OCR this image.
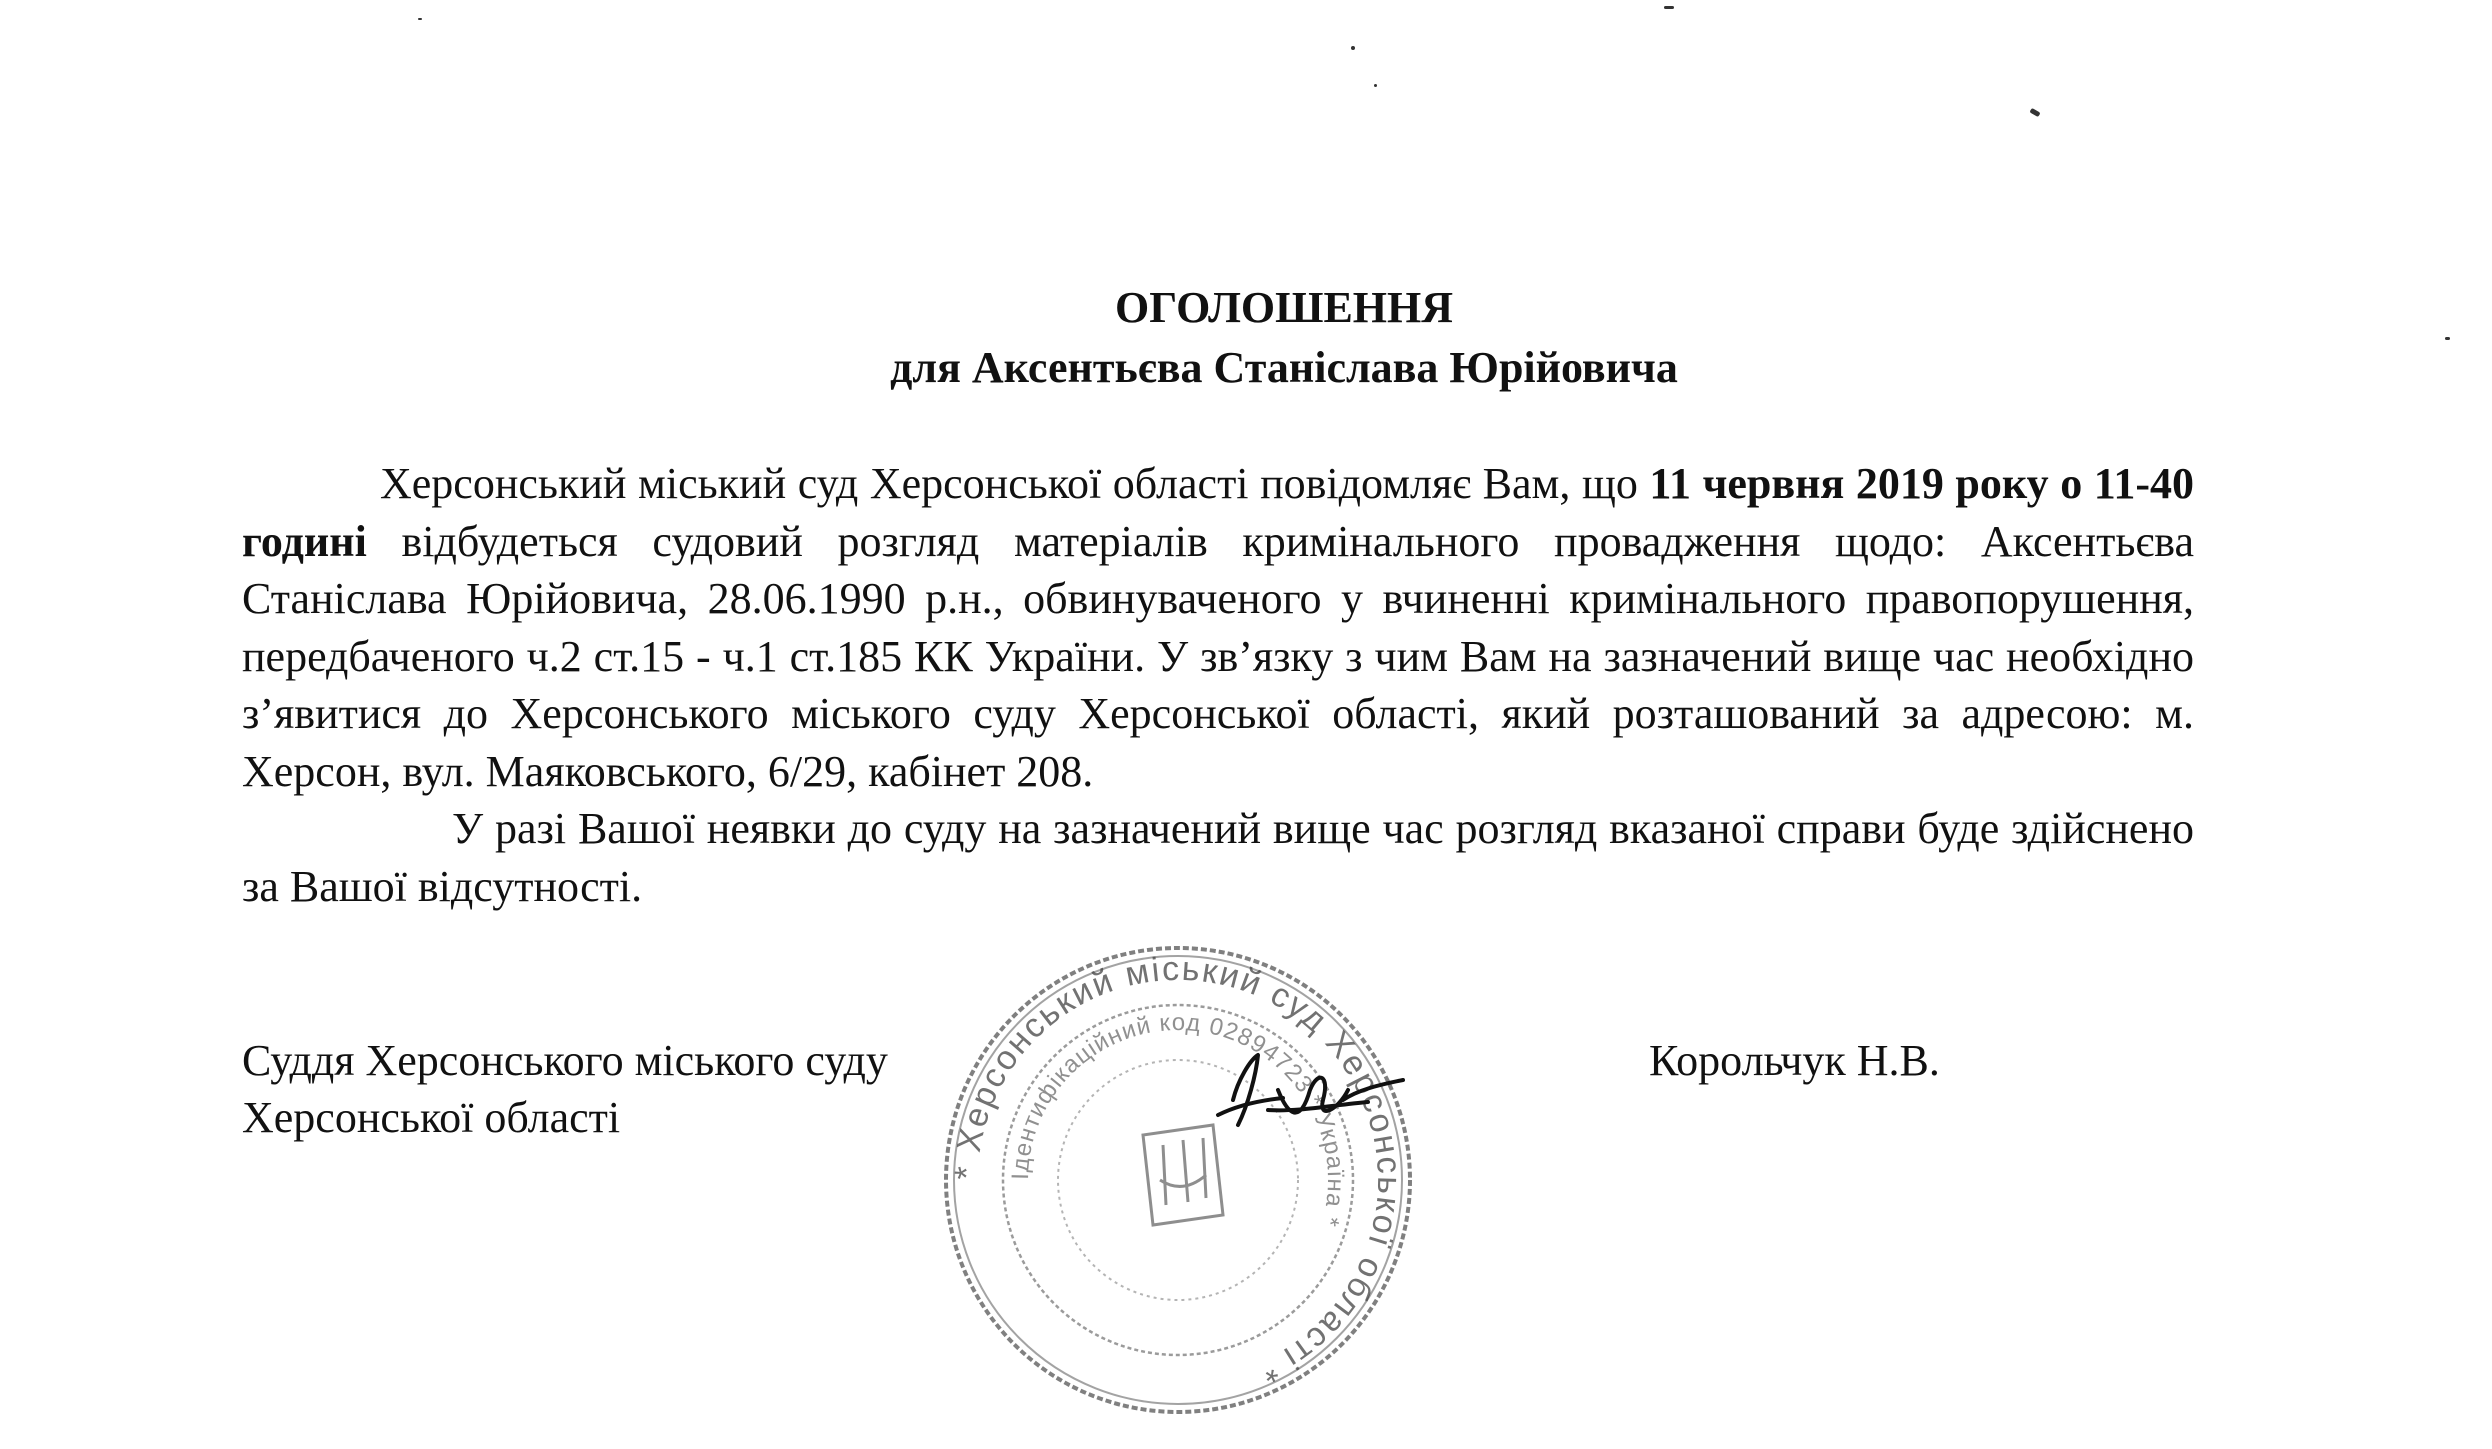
ОГОЛОШЕННЯ
для Аксентьєва Станіслава Юрійовича

Херсонський міський суд Херсонської області повідомляє Вам, що 11 червня 2019 року о 11-40 годині відбудеться судовий розгляд матеріалів кримінального провадження щодо: Аксентьєва Станіслава Юрійовича, 28.06.1990 р.н., обвинуваченого у вчиненні кримінального правопорушення, передбаченого ч.2 ст.15 - ч.1 ст.185 КК України. У зв’язку з чим Вам на зазначений вище час необхідно з’явитися до Херсонського міського суду Херсонської області, який розташований за адресою: м. Херсон, вул. Маяковського, 6/29, кабінет 208.

У разі Вашої неявки до суду на зазначений вище час розгляд вказаної справи буде здійснено за Вашої відсутності.

Суддя Херсонського міського суду
Херсонської області
Корольчук Н.В.
* Херсонський міський суд Херсонської області *
Ідентифікаційний код 02894723 * Україна *
